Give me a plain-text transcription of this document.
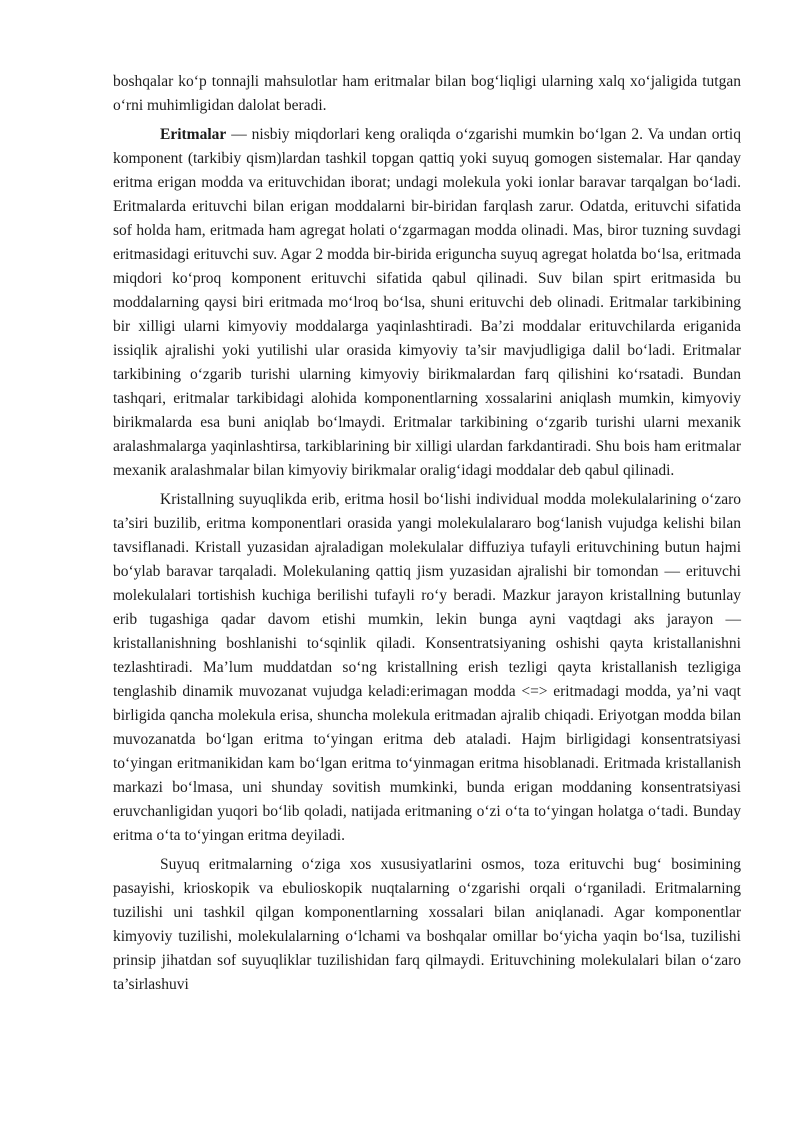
boshqalar ko‘p tonnajli mahsulotlar ham eritmalar bilan bog‘liqligi ularning xalq xo‘jaligida tutgan o‘rni muhimligidan dalolat beradi.

Eritmalar — nisbiy miqdorlari keng oraliqda o‘zgarishi mumkin bo‘lgan 2. Va undan ortiq komponent (tarkibiy qism)lardan tashkil topgan qattiq yoki suyuq gomogen sistemalar. Har qanday eritma erigan modda va erituvchidan iborat; undagi molekula yoki ionlar baravar tarqalgan bo‘ladi. Eritmalarda erituvchi bilan erigan moddalarni bir-biridan farqlash zarur. Odatda, erituvchi sifatida sof holda ham, eritmada ham agregat holati o‘zgarmagan modda olinadi. Mas, biror tuzning suvdagi eritmasidagi erituvchi suv. Agar 2 modda bir-birida eriguncha suyuq agregat holatda bo‘lsa, eritmada miqdori ko‘proq komponent erituvchi sifatida qabul qilinadi. Suv bilan spirt eritmasida bu moddalarning qaysi biri eritmada mo‘lroq bo‘lsa, shuni erituvchi deb olinadi. Eritmalar tarkibining bir xilligi ularni kimyoviy moddalarga yaqinlashtiradi. Ba’zi moddalar erituvchilarda eriganida issiqlik ajralishi yoki yutilishi ular orasida kimyoviy ta’sir mavjudligiga dalil bo‘ladi. Eritmalar tarkibining o‘zgarib turishi ularning kimyoviy birikmalardan farq qilishini ko‘rsatadi. Bundan tashqari, eritmalar tarkibidagi alohida komponentlarning xossalarini aniqlash mumkin, kimyoviy birikmalarda esa buni aniqlab bo‘lmaydi. Eritmalar tarkibining o‘zgarib turishi ularni mexanik aralashmalarga yaqinlashtirsa, tarkiblarining bir xilligi ulardan farkdantiradi. Shu bois ham eritmalar mexanik aralashmalar bilan kimyoviy birikmalar oralig‘idagi moddalar deb qabul qilinadi.

Kristallning suyuqlikda erib, eritma hosil bo‘lishi individual modda molekulalarining o‘zaro ta’siri buzilib, eritma komponentlari orasida yangi molekulalararo bog‘lanish vujudga kelishi bilan tavsiflanadi. Kristall yuzasidan ajraladigan molekulalar diffuziya tufayli erituvchining butun hajmi bo‘ylab baravar tarqaladi. Molekulaning qattiq jism yuzasidan ajralishi bir tomondan — erituvchi molekulalari tortishish kuchiga berilishi tufayli ro‘y beradi. Mazkur jarayon kristallning butunlay erib tugashiga qadar davom etishi mumkin, lekin bunga ayni vaqtdagi aks jarayon — kristallanishning boshlanishi to‘sqinlik qiladi. Konsentratsiyaning oshishi qayta kristallanishni tezlashtiradi. Ma’lum muddatdan so‘ng kristallning erish tezligi qayta kristallanish tezligiga tenglashib dinamik muvozanat vujudga keladi:erimagan modda <=> eritmadagi modda, ya’ni vaqt birligida qancha molekula erisa, shuncha molekula eritmadan ajralib chiqadi. Eriyotgan modda bilan muvozanatda bo‘lgan eritma to‘yingan eritma deb ataladi. Hajm birligidagi konsentratsiyasi to‘yingan eritmanikidan kam bo‘lgan eritma to‘yinmagan eritma hisoblanadi. Eritmada kristallanish markazi bo‘lmasa, uni shunday sovitish mumkinki, bunda erigan moddaning konsentratsiyasi eruvchanligidan yuqori bo‘lib qoladi, natijada eritmaning o‘zi o‘ta to‘yingan holatga o‘tadi. Bunday eritma o‘ta to‘yingan eritma deyiladi.

Suyuq eritmalarning o‘ziga xos xususiyatlarini osmos, toza erituvchi bug‘ bosimining pasayishi, krioskopik va ebulioskopik nuqtalarning o‘zgarishi orqali o‘rganiladi. Eritmalarning tuzilishi uni tashkil qilgan komponentlarning xossalari bilan aniqlanadi. Agar komponentlar kimyoviy tuzilishi, molekulalarning o‘lchami va boshqalar omillar bo‘yicha yaqin bo‘lsa, tuzilishi prinsip jihatdan sof suyuqliklar tuzilishidan farq qilmaydi. Erituvchining molekulalari bilan o‘zaro ta’sirlashuvi
